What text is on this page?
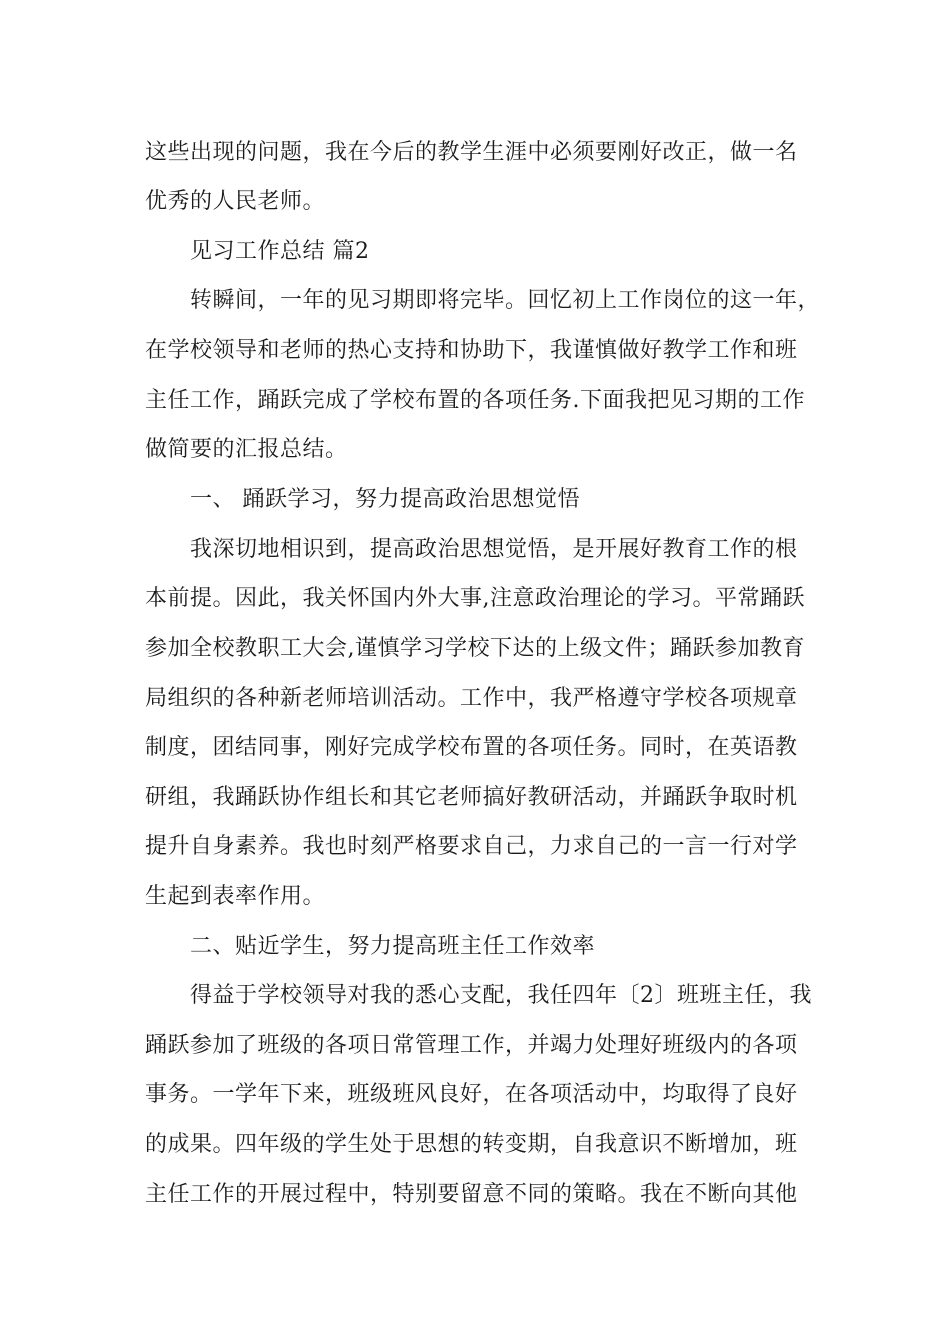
这些出现的问题，我在今后的教学生涯中必须要刚好改正，做一名
优秀的人民老师。
见习工作总结 篇2
转瞬间，一年的见习期即将完毕。回忆初上工作岗位的这一年，
在学校领导和老师的热心支持和协助下，我谨慎做好教学工作和班
主任工作，踊跃完成了学校布置的各项任务.下面我把见习期的工作
做简要的汇报总结。
一、 踊跃学习，努力提高政治思想觉悟
我深切地相识到，提高政治思想觉悟，是开展好教育工作的根
本前提。因此，我关怀国内外大事,注意政治理论的学习。平常踊跃
参加全校教职工大会,谨慎学习学校下达的上级文件；踊跃参加教育
局组织的各种新老师培训活动。工作中，我严格遵守学校各项规章
制度，团结同事，刚好完成学校布置的各项任务。同时，在英语教
研组，我踊跃协作组长和其它老师搞好教研活动，并踊跃争取时机
提升自身素养。我也时刻严格要求自己，力求自己的一言一行对学
生起到表率作用。
二、贴近学生，努力提高班主任工作效率
得益于学校领导对我的悉心支配，我任四年〔2〕班班主任，我
踊跃参加了班级的各项日常管理工作，并竭力处理好班级内的各项
事务。一学年下来，班级班风良好，在各项活动中，均取得了良好
的成果。四年级的学生处于思想的转变期，自我意识不断增加，班
主任工作的开展过程中，特别要留意不同的策略。我在不断向其他
